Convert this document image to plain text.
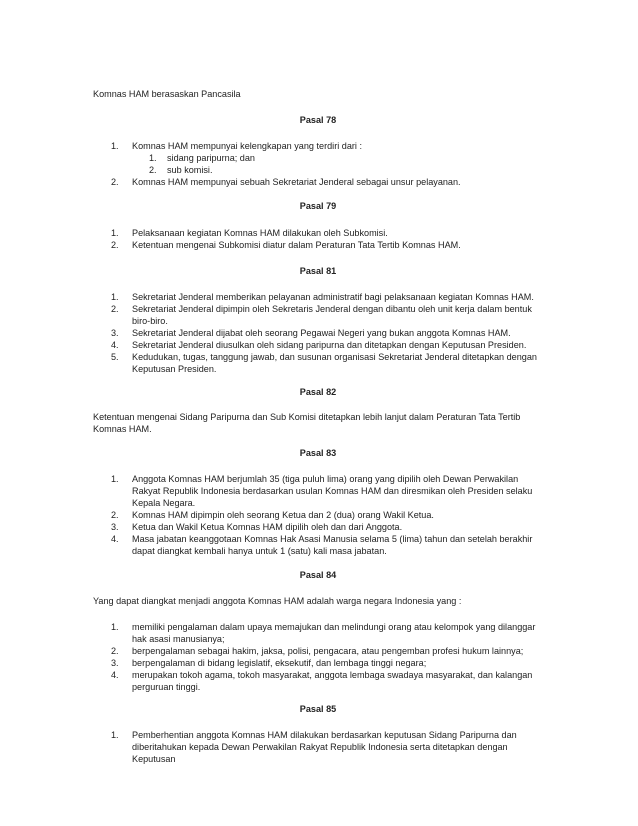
Komnas HAM berasaskan Pancasila
Pasal 78
1. Komnas HAM mempunyai kelengkapan yang terdiri dari :
1. sidang paripurna; dan
2. sub komisi.
2. Komnas HAM mempunyai sebuah Sekretariat Jenderal sebagai unsur pelayanan.
Pasal 79
1. Pelaksanaan kegiatan Komnas HAM dilakukan oleh Subkomisi.
2. Ketentuan mengenai Subkomisi diatur dalam Peraturan Tata Tertib Komnas HAM.
Pasal 81
1. Sekretariat Jenderal memberikan pelayanan administratif bagi pelaksanaan kegiatan Komnas HAM.
2. Sekretariat Jenderal dipimpin oleh Sekretaris Jenderal dengan dibantu oleh unit kerja dalam bentuk biro-biro.
3. Sekretariat Jenderal dijabat oleh seorang Pegawai Negeri yang bukan anggota Komnas HAM.
4. Sekretariat Jenderal diusulkan oleh sidang paripurna dan ditetapkan dengan Keputusan Presiden.
5. Kedudukan, tugas, tanggung jawab, dan susunan organisasi Sekretariat Jenderal ditetapkan dengan Keputusan Presiden.
Pasal 82
Ketentuan mengenai Sidang Paripurna dan Sub Komisi ditetapkan lebih lanjut dalam Peraturan Tata Tertib Komnas HAM.
Pasal 83
1. Anggota Komnas HAM berjumlah 35 (tiga puluh lima) orang yang dipilih oleh Dewan Perwakilan Rakyat Republik Indonesia berdasarkan usulan Komnas HAM dan diresmikan oleh Presiden selaku Kepala Negara.
2. Komnas HAM dipimpin oleh seorang Ketua dan 2 (dua) orang Wakil Ketua.
3. Ketua dan Wakil Ketua Komnas HAM dipilih oleh dan dari Anggota.
4. Masa jabatan keanggotaan Komnas Hak Asasi Manusia selama 5 (lima) tahun dan setelah berakhir dapat diangkat kembali hanya untuk 1 (satu) kali masa jabatan.
Pasal 84
Yang dapat diangkat menjadi anggota Komnas HAM adalah warga negara Indonesia yang :
1. memiliki pengalaman dalam upaya memajukan dan melindungi orang atau kelompok yang dilanggar hak asasi manusianya;
2. berpengalaman sebagai hakim, jaksa, polisi, pengacara, atau pengemban profesi hukum lainnya;
3. berpengalaman di bidang legislatif, eksekutif, dan lembaga tinggi negara;
4. merupakan tokoh agama, tokoh masyarakat, anggota lembaga swadaya masyarakat, dan kalangan perguruan tinggi.
Pasal 85
1. Pemberhentian anggota Komnas HAM dilakukan berdasarkan keputusan Sidang Paripurna dan diberitahukan kepada Dewan Perwakilan Rakyat Republik Indonesia serta ditetapkan dengan Keputusan
